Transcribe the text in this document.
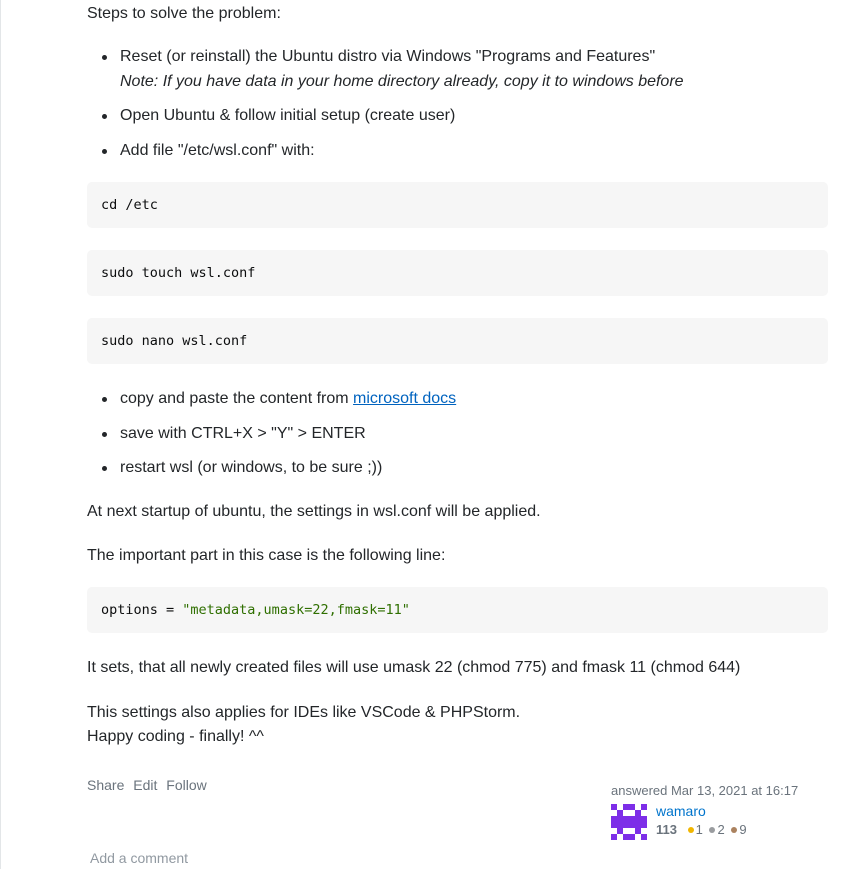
Steps to solve the problem:

Reset (or reinstall) the Ubuntu distro via Windows "Programs and Features"
Note: If you have data in your home directory already, copy it to windows before
Open Ubuntu & follow initial setup (create user)
Add file "/etc/wsl.conf" with:
cd /etc
sudo touch wsl.conf
sudo nano wsl.conf
copy and paste the content from microsoft docs
save with CTRL+X > "Y" > ENTER
restart wsl (or windows, to be sure ;))

At next startup of ubuntu, the settings in wsl.conf will be applied.

The important part in this case is the following line:

options = "metadata,umask=22,fmask=11"

It sets, that all newly created files will use umask 22 (chmod 775) and fmask 11 (chmod 644)

This settings also applies for IDEs like VSCode & PHPStorm.

Happy coding - finally! ^^

Share Edit Follow	answered Mar 13, 2021 at 16:17
wamaro
113 1 2 9
Add a comment
